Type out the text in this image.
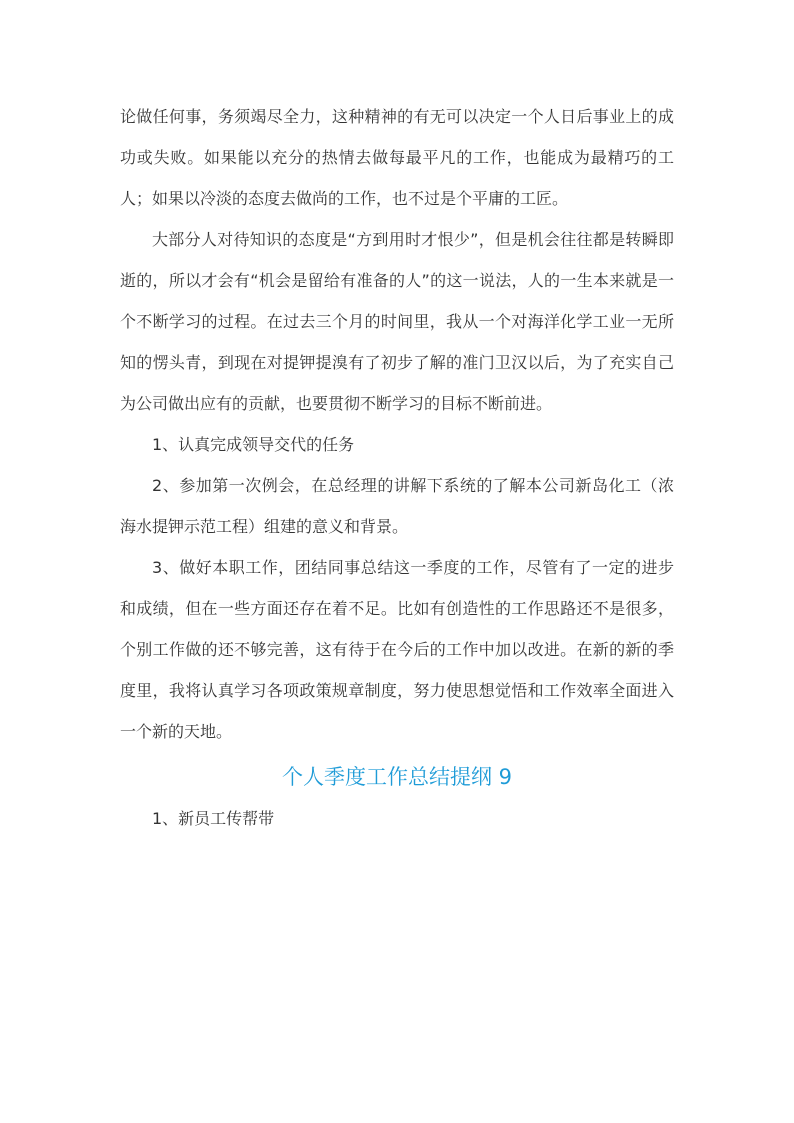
论做任何事，务须竭尽全力，这种精神的有无可以决定一个人日后事业上的成功或失败。如果能以充分的热情去做每最平凡的工作，也能成为最精巧的工人；如果以冷淡的态度去做尚的工作，也不过是个平庸的工匠。

大部分人对待知识的态度是“方到用时才恨少”，但是机会往往都是转瞬即逝的，所以才会有“机会是留给有准备的人”的这一说法，人的一生本来就是一个不断学习的过程。在过去三个月的时间里，我从一个对海洋化学工业一无所知的愣头青，到现在对提钾提溴有了初步了解的准门卫汉以后，为了充实自己为公司做出应有的贡献，也要贯彻不断学习的目标不断前进。

1、认真完成领导交代的任务

2、参加第一次例会，在总经理的讲解下系统的了解本公司新岛化工（浓海水提钾示范工程）组建的意义和背景。

3、做好本职工作，团结同事总结这一季度的工作，尽管有了一定的进步和成绩，但在一些方面还存在着不足。比如有创造性的工作思路还不是很多，个别工作做的还不够完善，这有待于在今后的工作中加以改进。在新的新的季度里，我将认真学习各项政策规章制度，努力使思想觉悟和工作效率全面进入一个新的天地。

个人季度工作总结提纲 9

1、新员工传帮带
